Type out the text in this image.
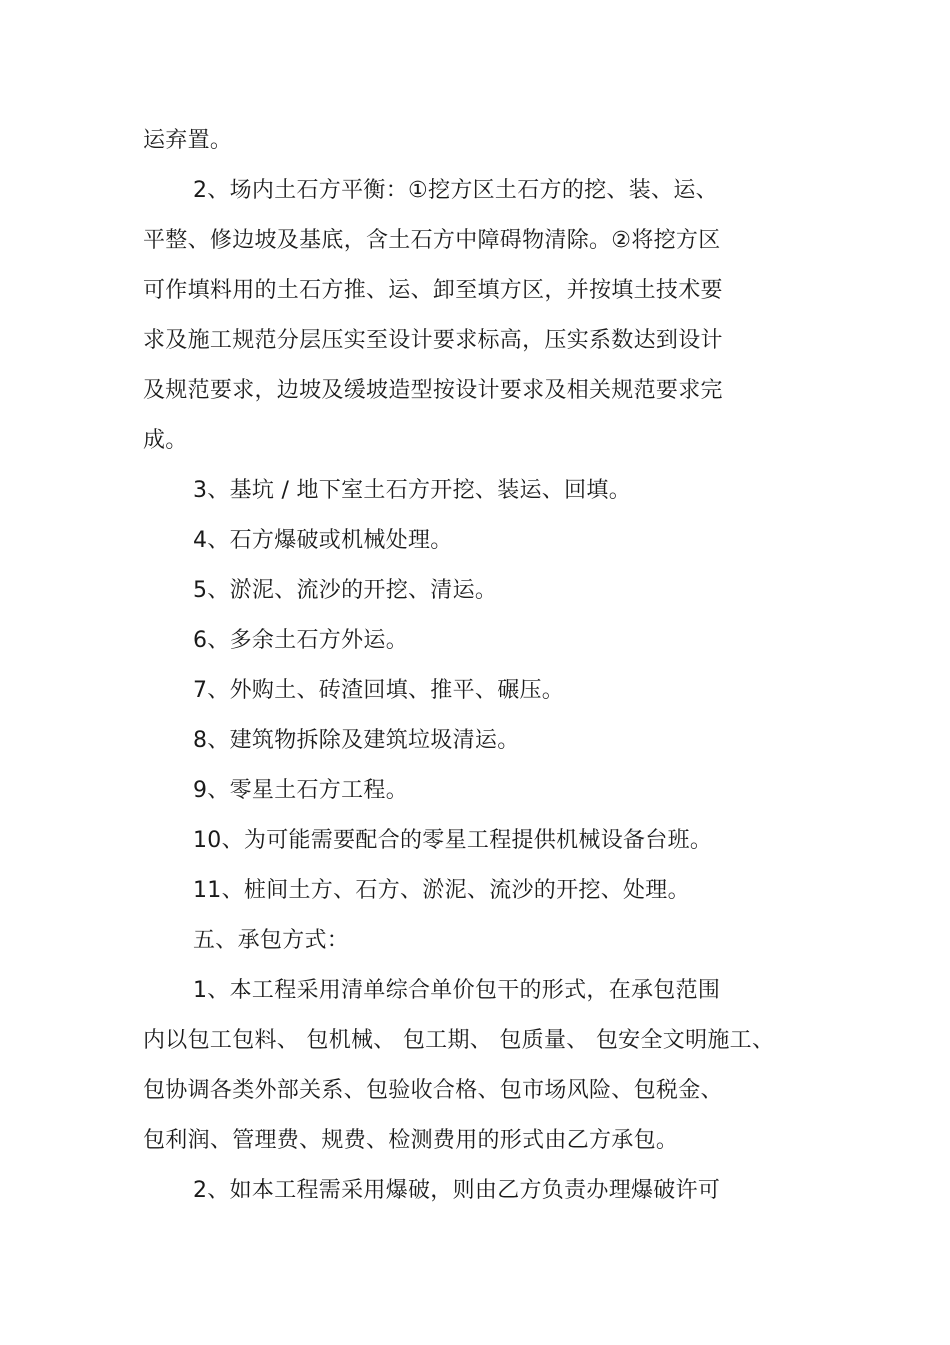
运弃置。
2、场内土石方平衡：①挖方区土石方的挖、装、运、
平整、修边坡及基底，含土石方中障碍物清除。②将挖方区
可作填料用的土石方推、运、卸至填方区，并按填土技术要
求及施工规范分层压实至设计要求标高，压实系数达到设计
及规范要求，边坡及缓坡造型按设计要求及相关规范要求完
成。
3、基坑 / 地下室土石方开挖、装运、回填。
4、石方爆破或机械处理。
5、淤泥、流沙的开挖、清运。
6、多余土石方外运。
7、外购土、砖渣回填、推平、碾压。
8、建筑物拆除及建筑垃圾清运。
9、零星土石方工程。
10、为可能需要配合的零星工程提供机械设备台班。
11、桩间土方、石方、淤泥、流沙的开挖、处理。
五、承包方式：
1、本工程采用清单综合单价包干的形式，在承包范围
内以包工包料、 包机械、 包工期、 包质量、 包安全文明施工、
包协调各类外部关系、包验收合格、包市场风险、包税金、
包利润、管理费、规费、检测费用的形式由乙方承包。
2、如本工程需采用爆破，则由乙方负责办理爆破许可
